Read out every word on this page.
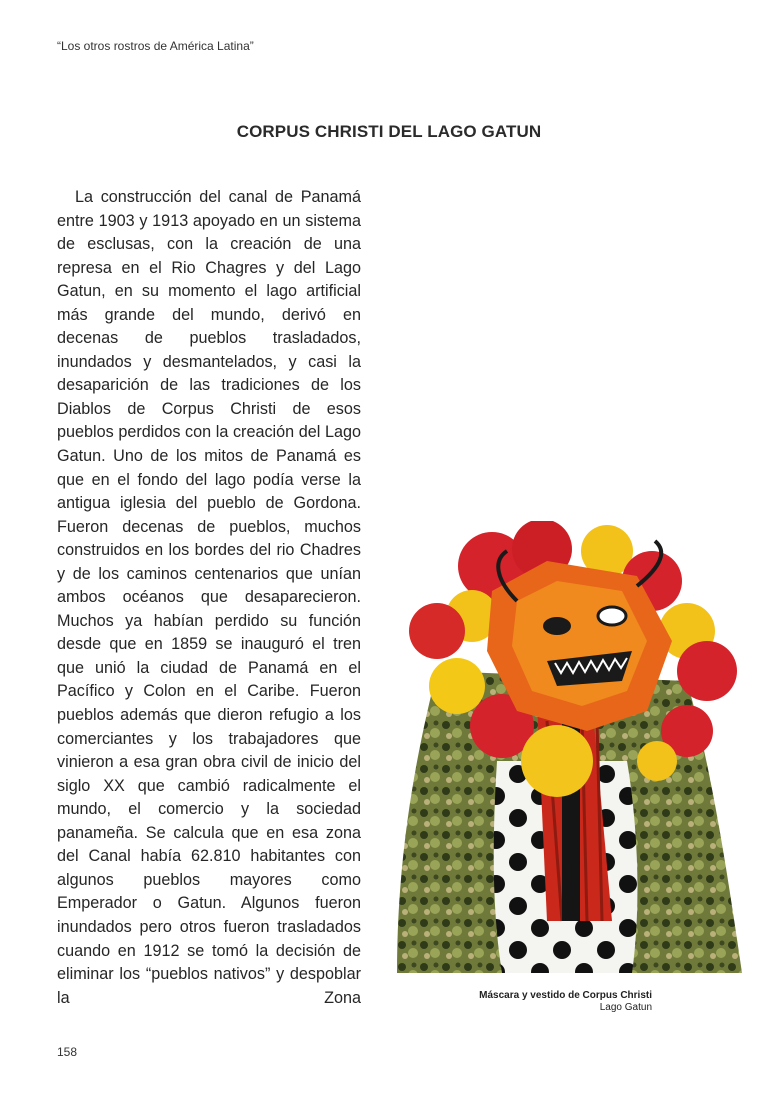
“Los otros rostros de América Latina”
CORPUS CHRISTI DEL LAGO GATUN

La construcción del canal de Panamá entre 1903 y 1913 apoyado en un sistema de esclusas, con la creación de una represa en el Rio Chagres y del Lago Gatun, en su momento el lago artificial más grande del mundo, derivó en decenas de pueblos trasladados, inundados y desmantelados, y casi la desaparición de las tradiciones de los Diablos de Corpus Christi de esos pueblos perdidos con la creación del Lago Gatun. Uno de los mitos de Panamá es que en el fondo del lago podía verse la antigua iglesia del pueblo de Gordona. Fueron decenas de pueblos, muchos construidos en los bordes del rio Chadres y de los caminos centenarios que unían ambos océanos que desaparecieron. Muchos ya habían perdido su función desde que en 1859 se inauguró el tren que unió la ciudad de Panamá en el Pacífico y Colon en el Caribe. Fueron pueblos además que dieron refugio a los comerciantes y los trabajadores que vinieron a esa gran obra civil de inicio del siglo XX que cambió radicalmente el mundo, el comercio y la sociedad panameña. Se calcula que en esa zona del Canal había 62.810 habitantes con algunos pueblos mayores como Emperador o Gatun. Algunos fueron inundados pero otros fueron trasladados cuando en 1912 se tomó la decisión de eliminar los “pueblos nativos” y despoblar la Zona	Máscara y vestido de Corpus Christi
Lago Gatun
158
